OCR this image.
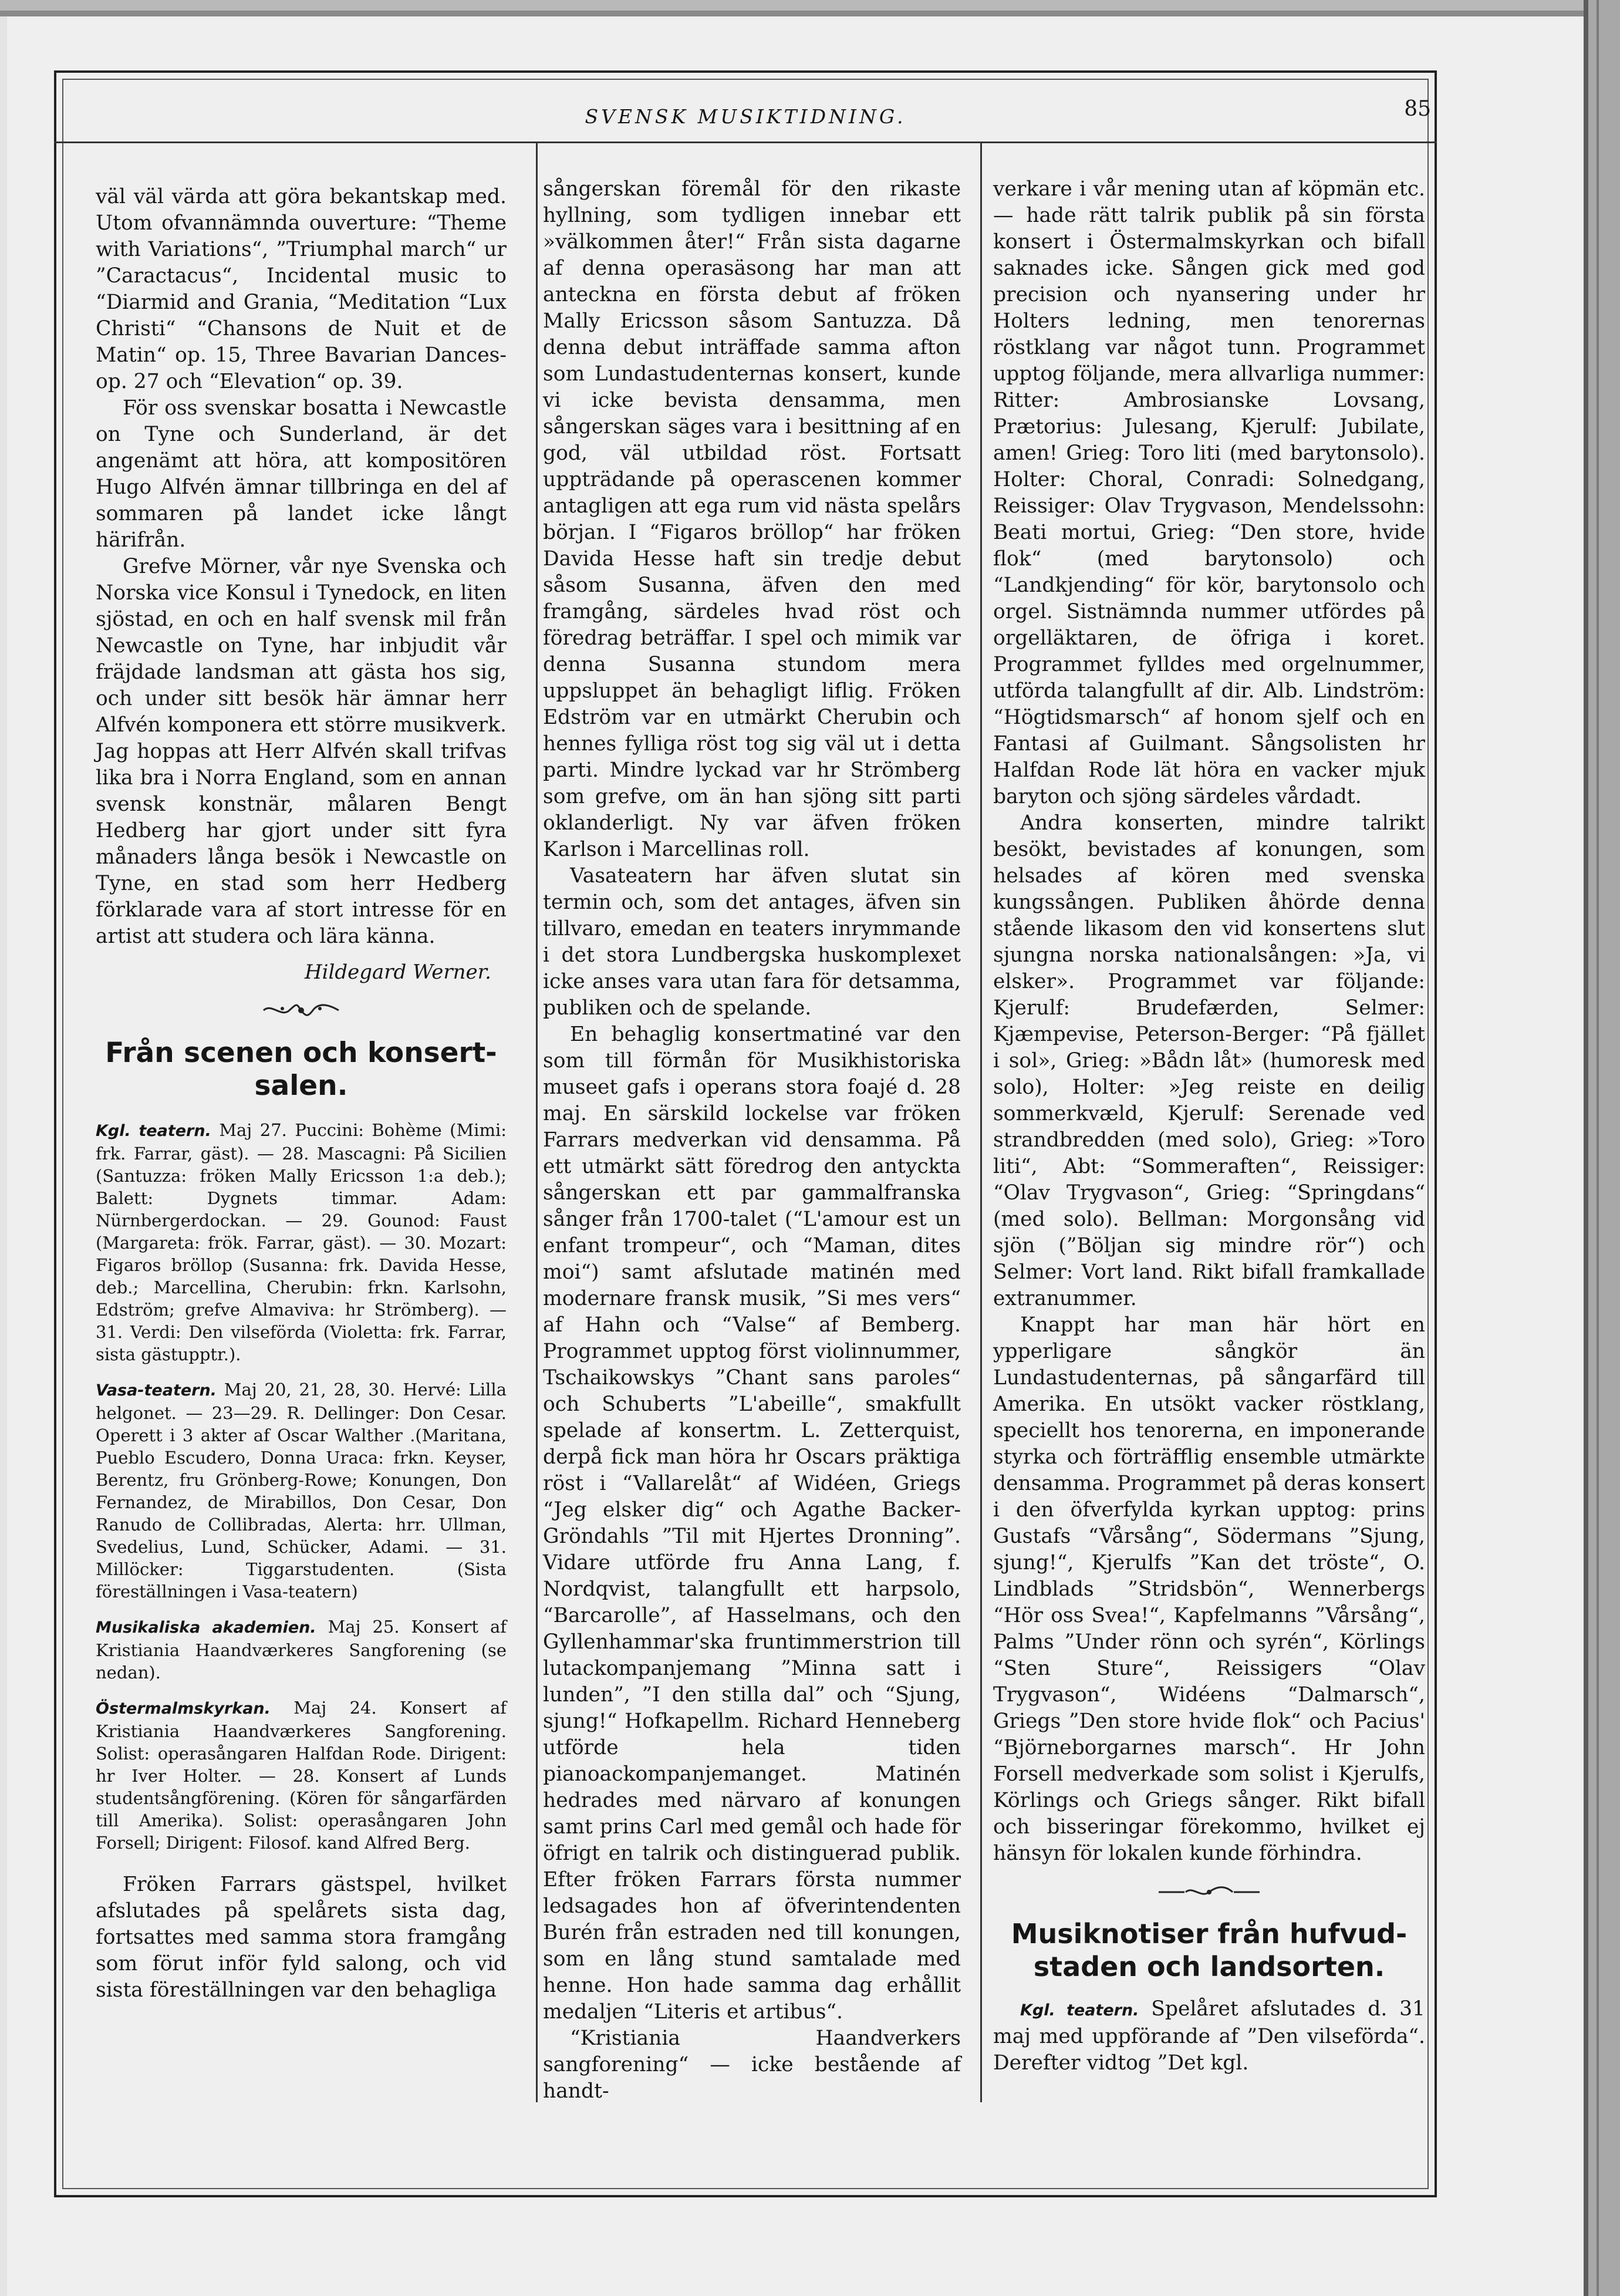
SVENSK MUSIKTIDNING.	85

väl väl värda att göra bekantskap med. Utom ofvannämnda ouverture: “Theme with Variations“, ”Triumphal march“ ur ”Caractacus“, Incidental music to “Diarmid and Grania, “Meditation “Lux Christi“ “Chansons de Nuit et de Matin“ op. 15, Three Bavarian Dances- op. 27 och “Elevation“ op. 39.

För oss svenskar bosatta i Newcastle on Tyne och Sunderland, är det angenämt att höra, att kompositören Hugo Alfvén ämnar tillbringa en del af sommaren på landet icke långt härifrån.

Grefve Mörner, vår nye Svenska och Norska vice Konsul i Tynedock, en liten sjöstad, en och en half svensk mil från Newcastle on Tyne, har inbjudit vår fräjdade landsman att gästa hos sig, och under sitt besök här ämnar herr Alfvén komponera ett större musikverk. Jag hoppas att Herr Alfvén skall trifvas lika bra i Norra England, som en annan svensk konstnär, målaren Bengt Hedberg har gjort under sitt fyra månaders långa besök i Newcastle on Tyne, en stad som herr Hedberg förklarade vara af stort intresse för en artist att studera och lära känna.

Hildegard Werner.
Från scenen och konsert-
salen.

Kgl. teatern. Maj 27. Puccini: Bohème (Mimi: frk. Farrar, gäst). — 28. Mascagni: På Sicilien (Santuzza: fröken Mally Ericsson 1:a deb.); Balett: Dygnets timmar. Adam: Nürnbergerdockan. — 29. Gounod: Faust (Margareta: frök. Farrar, gäst). — 30. Mozart: Figaros bröllop (Susanna: frk. Davida Hesse, deb.; Marcellina, Cherubin: frkn. Karlsohn, Edström; grefve Almaviva: hr Strömberg). — 31. Verdi: Den vilseförda (Violetta: frk. Farrar, sista gästupptr.).

Vasa-teatern. Maj 20, 21, 28, 30. Hervé: Lilla helgonet. — 23—29. R. Dellinger: Don Cesar. Operett i 3 akter af Oscar Walther .(Maritana, Pueblo Escudero, Donna Uraca: frkn. Keyser, Berentz, fru Grönberg-Rowe; Konungen, Don Fernandez, de Mirabillos, Don Cesar, Don Ranudo de Collibradas, Alerta: hrr. Ullman, Svedelius, Lund, Schücker, Adami. — 31. Millöcker: Tiggarstudenten. (Sista föreställningen i Vasa-teatern)

Musikaliska akademien. Maj 25. Konsert af Kristiania Haandværkeres Sangforening (se nedan).

Östermalmskyrkan. Maj 24. Konsert af Kristiania Haandværkeres Sangforening. Solist: operasångaren Halfdan Rode. Dirigent: hr Iver Holter. — 28. Konsert af Lunds studentsångförening. (Kören för sångarfärden till Amerika). Solist: operasångaren John Forsell; Dirigent: Filosof. kand Alfred Berg.

Fröken Farrars gästspel, hvilket afslutades på spelårets sista dag, fortsattes med samma stora framgång som förut inför fyld salong, och vid sista föreställningen var den behagliga

sångerskan föremål för den rikaste hyllning, som tydligen innebar ett »välkommen åter!“ Från sista dagarne af denna operasäsong har man att anteckna en första debut af fröken Mally Ericsson såsom Santuzza. Då denna debut inträffade samma afton som Lundastudenternas konsert, kunde vi icke bevista densamma, men sångerskan säges vara i besittning af en god, väl utbildad röst. Fortsatt uppträdande på operascenen kommer antagligen att ega rum vid nästa spelårs början. I “Figaros bröllop“ har fröken Davida Hesse haft sin tredje debut såsom Susanna, äfven den med framgång, särdeles hvad röst och föredrag beträffar. I spel och mimik var denna Susanna stundom mera uppsluppet än behagligt liflig. Fröken Edström var en utmärkt Cherubin och hennes fylliga röst tog sig väl ut i detta parti. Mindre lyckad var hr Strömberg som grefve, om än han sjöng sitt parti oklanderligt. Ny var äfven fröken Karlson i Marcellinas roll.

Vasateatern har äfven slutat sin termin och, som det antages, äfven sin tillvaro, emedan en teaters inrymmande i det stora Lundbergska huskomplexet icke anses vara utan fara för detsamma, publiken och de spelande.

En behaglig konsertmatiné var den som till förmån för Musikhistoriska museet gafs i operans stora foajé d. 28 maj. En särskild lockelse var fröken Farrars medverkan vid densamma. På ett utmärkt sätt föredrog den antyckta sångerskan ett par gammalfranska sånger från 1700-talet (“L'amour est un enfant trompeur“, och “Maman, dites moi“) samt afslutade matinén med modernare fransk musik, ”Si mes vers“ af Hahn och “Valse“ af Bemberg. Programmet upptog först violinnummer, Tschaikowskys ”Chant sans paroles“ och Schuberts ”L'abeille“, smakfullt spelade af konsertm. L. Zetterquist, derpå fick man höra hr Oscars präktiga röst i “Vallarelåt“ af Widéen, Griegs “Jeg elsker dig“ och Agathe Backer-Gröndahls ”Til mit Hjertes Dronning”. Vidare utförde fru Anna Lang, f. Nordqvist, talangfullt ett harpsolo, “Barcarolle”, af Hasselmans, och den Gyllenhammar'ska fruntimmerstrion till lutackompanjemang ”Minna satt i lunden”, ”I den stilla dal” och “Sjung, sjung!“ Hofkapellm. Richard Henneberg utförde hela tiden pianoackompanjemanget. Matinén hedrades med närvaro af konungen samt prins Carl med gemål och hade för öfrigt en talrik och distinguerad publik. Efter fröken Farrars första nummer ledsagades hon af öfverintendenten Burén från estraden ned till konungen, som en lång stund samtalade med henne. Hon hade samma dag erhållit medaljen “Literis et artibus“.

“Kristiania Haandverkers sangforening“ — icke bestående af handt-

verkare i vår mening utan af köpmän etc. — hade rätt talrik publik på sin första konsert i Östermalmskyrkan och bifall saknades icke. Sången gick med god precision och nyansering under hr Holters ledning, men tenorernas röstklang var något tunn. Programmet upptog följande, mera allvarliga nummer: Ritter: Ambrosianske Lovsang, Prætorius: Julesang, Kjerulf: Jubilate, amen! Grieg: Toro liti (med barytonsolo). Holter: Choral, Conradi: Solnedgang, Reissiger: Olav Trygvason, Mendelssohn: Beati mortui, Grieg: “Den store, hvide flok“ (med barytonsolo) och “Landkjending“ för kör, barytonsolo och orgel. Sistnämnda nummer utfördes på orgelläktaren, de öfriga i koret. Programmet fylldes med orgelnummer, utförda talangfullt af dir. Alb. Lindström: “Högtidsmarsch“ af honom sjelf och en Fantasi af Guilmant. Sångsolisten hr Halfdan Rode lät höra en vacker mjuk baryton och sjöng särdeles vårdadt.

Andra konserten, mindre talrikt besökt, bevistades af konungen, som helsades af kören med svenska kungssången. Publiken åhörde denna stående likasom den vid konsertens slut sjungna norska nationalsången: »Ja, vi elsker». Programmet var följande: Kjerulf: Brudefærden, Selmer: Kjæmpevise, Peterson-Berger: “På fjället i sol», Grieg: »Bådn låt» (humoresk med solo), Holter: »Jeg reiste en deilig sommerkvæld, Kjerulf: Serenade ved strandbredden (med solo), Grieg: »Toro liti“, Abt: “Sommeraften“, Reissiger: “Olav Trygvason“, Grieg: “Springdans“ (med solo). Bellman: Morgonsång vid sjön (”Böljan sig mindre rör“) och Selmer: Vort land. Rikt bifall framkallade extranummer.

Knappt har man här hört en ypperligare sångkör än Lundastudenternas, på sångarfärd till Amerika. En utsökt vacker röstklang, speciellt hos tenorerna, en imponerande styrka och förträfflig ensemble utmärkte densamma. Programmet på deras konsert i den öfverfylda kyrkan upptog: prins Gustafs “Vårsång“, Södermans ”Sjung, sjung!“, Kjerulfs ”Kan det tröste“, O. Lindblads ”Stridsbön“, Wennerbergs “Hör oss Svea!“, Kapfelmanns ”Vårsång“, Palms ”Under rönn och syrén“, Körlings “Sten Sture“, Reissigers “Olav Trygvason“, Widéens “Dalmarsch“, Griegs ”Den store hvide flok“ och Pacius' “Björneborgarnes marsch“. Hr John Forsell medverkade som solist i Kjerulfs, Körlings och Griegs sånger. Rikt bifall och bisseringar förekommo, hvilket ej hänsyn för lokalen kunde förhindra.

Musiknotiser från hufvud-
staden och landsorten.

Kgl. teatern. Spelåret afslutades d. 31 maj med uppförande af ”Den vilseförda“. Derefter vidtog ”Det kgl.
